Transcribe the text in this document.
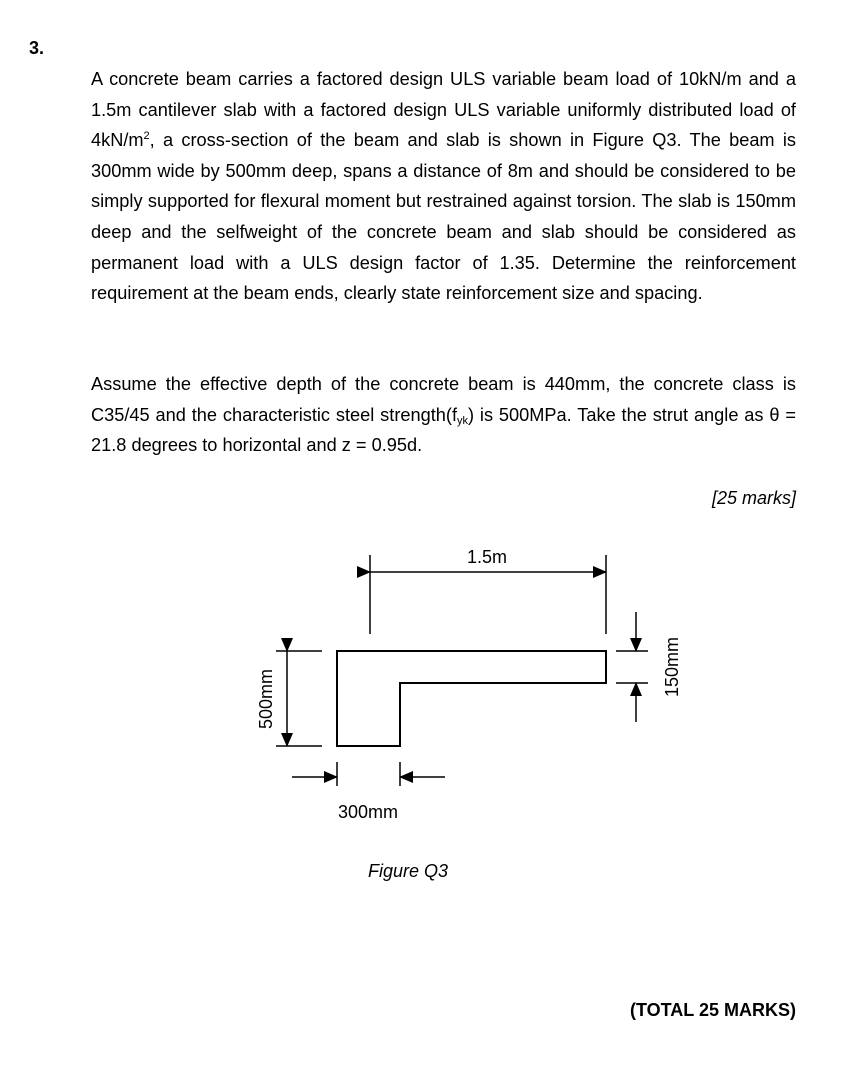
3.

A concrete beam carries a factored design ULS variable beam load of 10kN/m and a 1.5m cantilever slab with a factored design ULS variable uniformly distributed load of $4kN/m^2$, a cross-section of the beam and slab is shown in Figure Q3. The beam is 300mm wide by 500mm deep, spans a distance of 8m and should be considered to be simply supported for flexural moment but restrained against torsion. The slab is 150mm deep and the selfweight of the concrete beam and slab should be considered as permanent load with a ULS design factor of 1.35. Determine the reinforcement requirement at the beam ends, clearly state reinforcement size and spacing.

Assume the effective depth of the concrete beam is 440mm, the concrete class is C35/45 and the characteristic steel $strength(f_{yk})$ is 500MPa. Take the strut angle as θ = 21.8 degrees to horizontal and z = 0.95d.

[25 marks]
1.5m
500mm
300mm
150mm
Figure Q3
(TOTAL 25 MARKS)
